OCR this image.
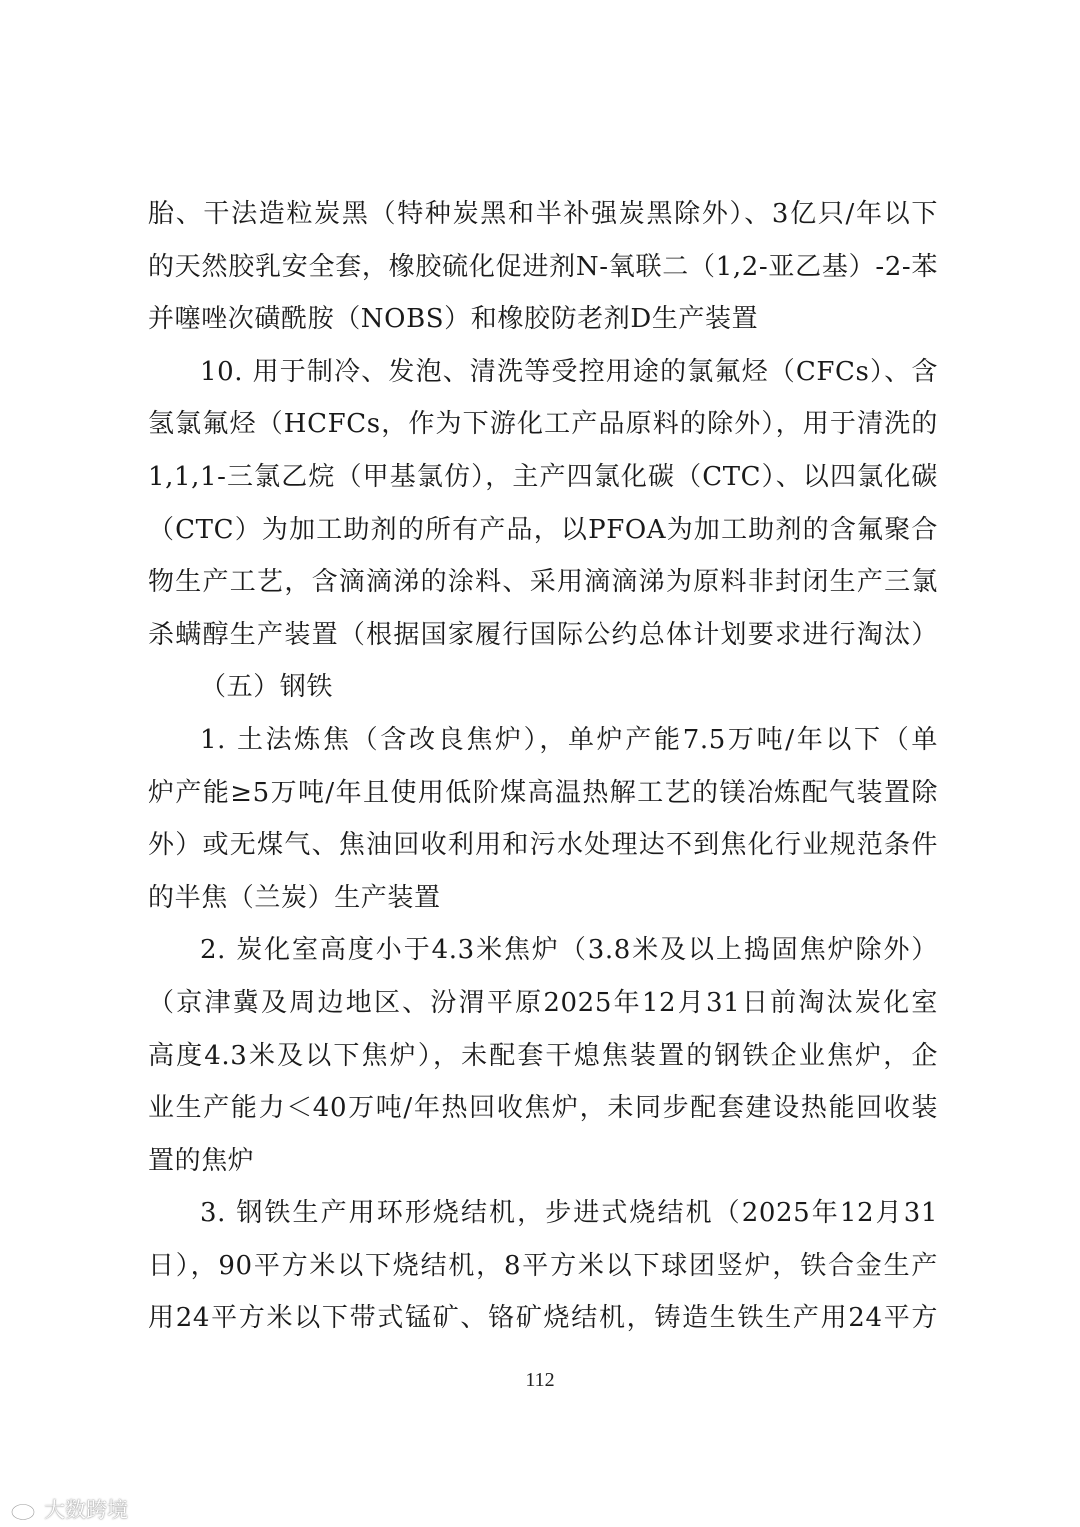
胎、干法造粒炭黑（特种炭黑和半补强炭黑除外）、3亿只/年以下
的天然胶乳安全套，橡胶硫化促进剂N-氧联二（1,2-亚乙基）-2-苯
并噻唑次磺酰胺（NOBS）和橡胶防老剂D生产装置
10. 用于制冷、发泡、清洗等受控用途的氯氟烃（CFCs）、含
氢氯氟烃（HCFCs，作为下游化工产品原料的除外），用于清洗的
1,1,1-三氯乙烷（甲基氯仿），主产四氯化碳（CTC）、以四氯化碳
（CTC）为加工助剂的所有产品，以PFOA为加工助剂的含氟聚合
物生产工艺，含滴滴涕的涂料、采用滴滴涕为原料非封闭生产三氯
杀螨醇生产装置（根据国家履行国际公约总体计划要求进行淘汰）
（五）钢铁
1. 土法炼焦（含改良焦炉），单炉产能7.5万吨/年以下（单
炉产能≥5万吨/年且使用低阶煤高温热解工艺的镁冶炼配气装置除
外）或无煤气、焦油回收利用和污水处理达不到焦化行业规范条件
的半焦（兰炭）生产装置
2. 炭化室高度小于4.3米焦炉（3.8米及以上捣固焦炉除外）
（京津冀及周边地区、汾渭平原2025年12月31日前淘汰炭化室
高度4.3米及以下焦炉），未配套干熄焦装置的钢铁企业焦炉，企
业生产能力＜40万吨/年热回收焦炉，未同步配套建设热能回收装
置的焦炉
3. 钢铁生产用环形烧结机，步进式烧结机（2025年12月31
日），90平方米以下烧结机，8平方米以下球团竖炉，铁合金生产
用24平方米以下带式锰矿、铬矿烧结机，铸造生铁生产用24平方
112
大数跨境
